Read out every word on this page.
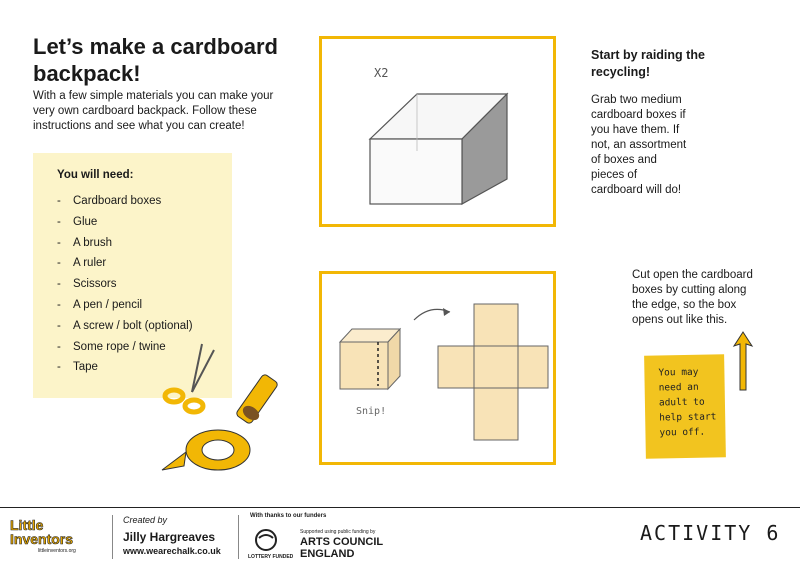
Let’s make a cardboard backpack!
With a few simple materials you can make your very own cardboard backpack. Follow these instructions and see what you can create!
You will need:
- Cardboard boxes
- Glue
- A brush
- A ruler
- Scissors
- A pen / pencil
- A screw / bolt (optional)
- Some rope / twine
- Tape
X2
Start by raiding the recycling!
Grab two medium cardboard boxes if you have them. If not, an assortment of boxes and pieces of cardboard will do!
Snip!
Cut open the cardboard boxes by cutting along the edge, so the box opens out like this.
You may need an adult to help start you off.
Little Inventors
littleinventors.org
Created by
Jilly Hargreaves
www.wearechalk.co.uk
With thanks to our funders
LOTTERY FUNDED
Supported using public funding by
ARTS COUNCIL ENGLAND
ACTIVITY 6
